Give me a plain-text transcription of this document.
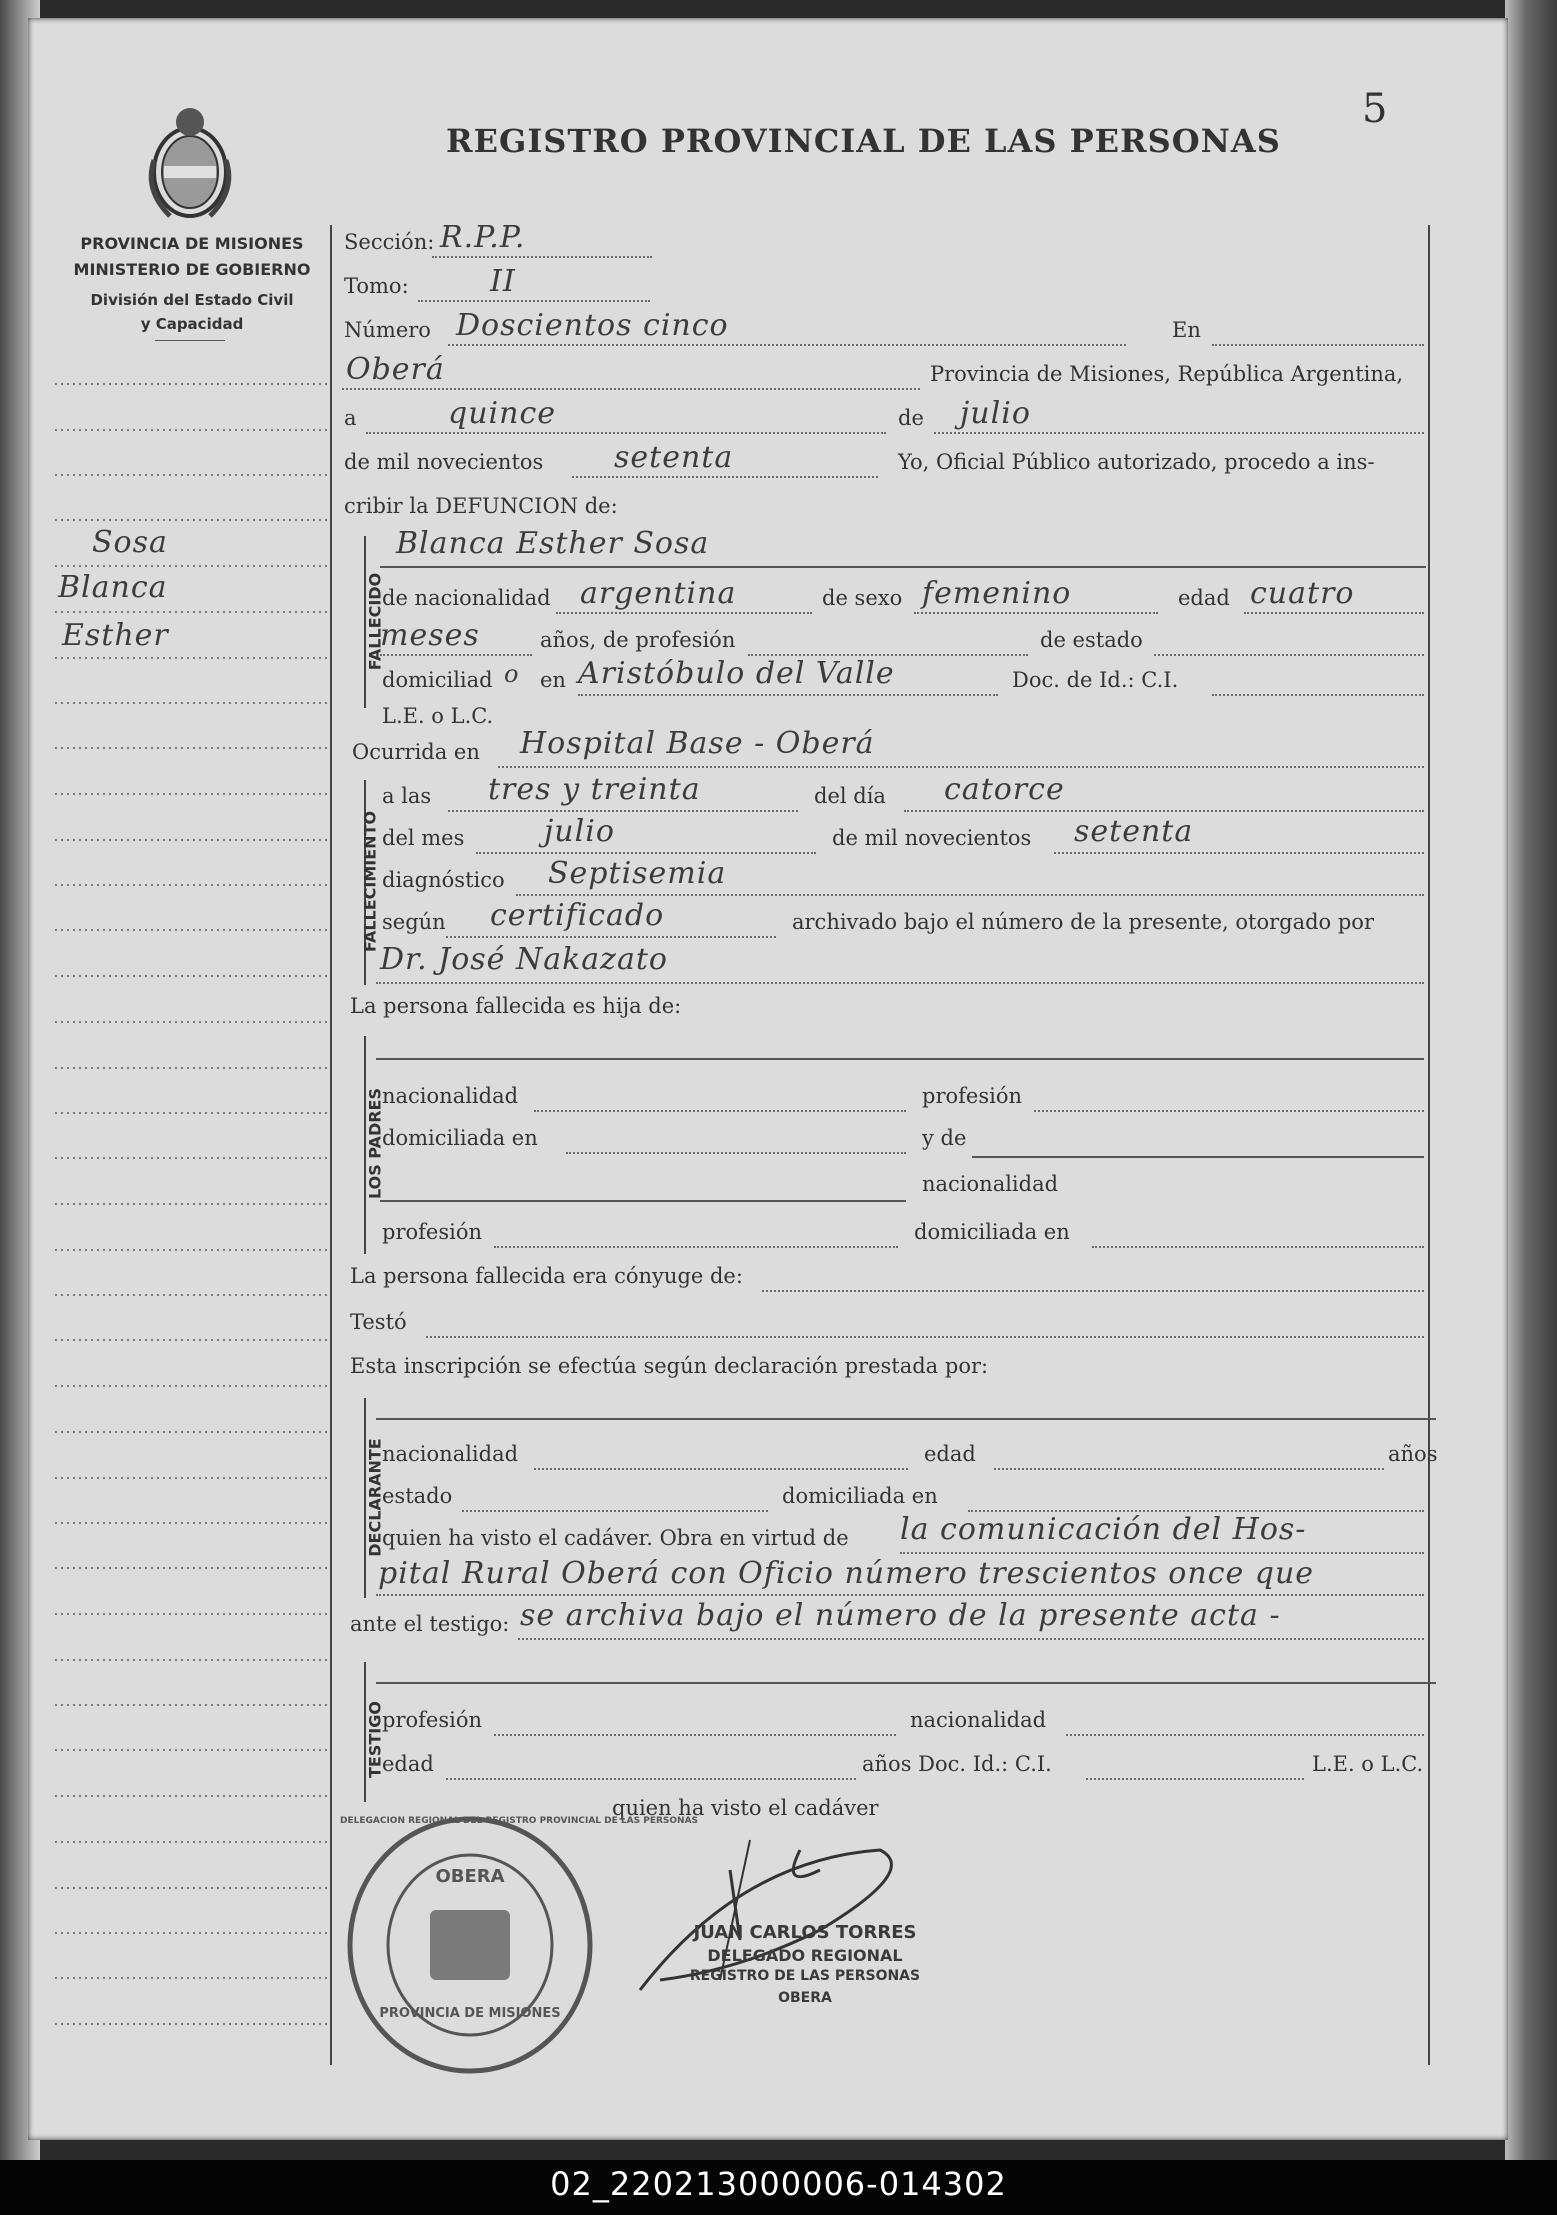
5
REGISTRO PROVINCIAL DE LAS PERSONAS
PROVINCIA DE MISIONES
MINISTERIO DE GOBIERNO
División del Estado Civil
y Capacidad
Sosa
Blanca
Esther
Sección: R.P.P.
Tomo:	II
Número Doscientos cinco	En
Oberá	Provincia de Misiones, República Argentina,
a	quince	de julio
de mil novecientos setenta	Yo, Oficial Público autorizado, procedo a ins-
cribir la DEFUNCION de:
FALLECIDO
Blanca Esther Sosa
de nacionalidad argentina	de sexo femenino	edad cuatro
meses	años, de profesión	de estado
domiciliad o en Aristóbulo del Valle	Doc. de Id.: C.I.
L.E. o L.C.
Ocurrida en Hospital Base - Oberá
FALLECIMIENTO
a las tres y treinta	del día catorce
del mes	julio	de mil novecientos setenta
diagnóstico Septisemia
según certificado	archivado bajo el número de la presente, otorgado por
Dr. José Nakazato
La persona fallecida es hija de:
LOS PADRES
nacionalidad	profesión
domiciliada en	y de
nacionalidad
profesión	domiciliada en
La persona fallecida era cónyuge de:
Testó
Esta inscripción se efectúa según declaración prestada por:
DECLARANTE
nacionalidad	edad	años
estado	domiciliada en
quien ha visto el cadáver. Obra en virtud de la comunicación del Hos-
pital Rural Oberá con Oficio número trescientos once que
ante el testigo: se archiva bajo el número de la presente acta -
TESTIGO
profesión	nacionalidad
edad	años Doc. Id.: C.I.	L.E. o L.C.
quien ha visto el cadáver
DELEGACION REGIONAL DEL REGISTRO PROVINCIAL DE LAS PERSONAS
OBERA
PROVINCIA DE MISIONES
JUAN CARLOS TORRES
DELEGADO REGIONAL
REGISTRO DE LAS PERSONAS
OBERA
02_220213000006-014302
